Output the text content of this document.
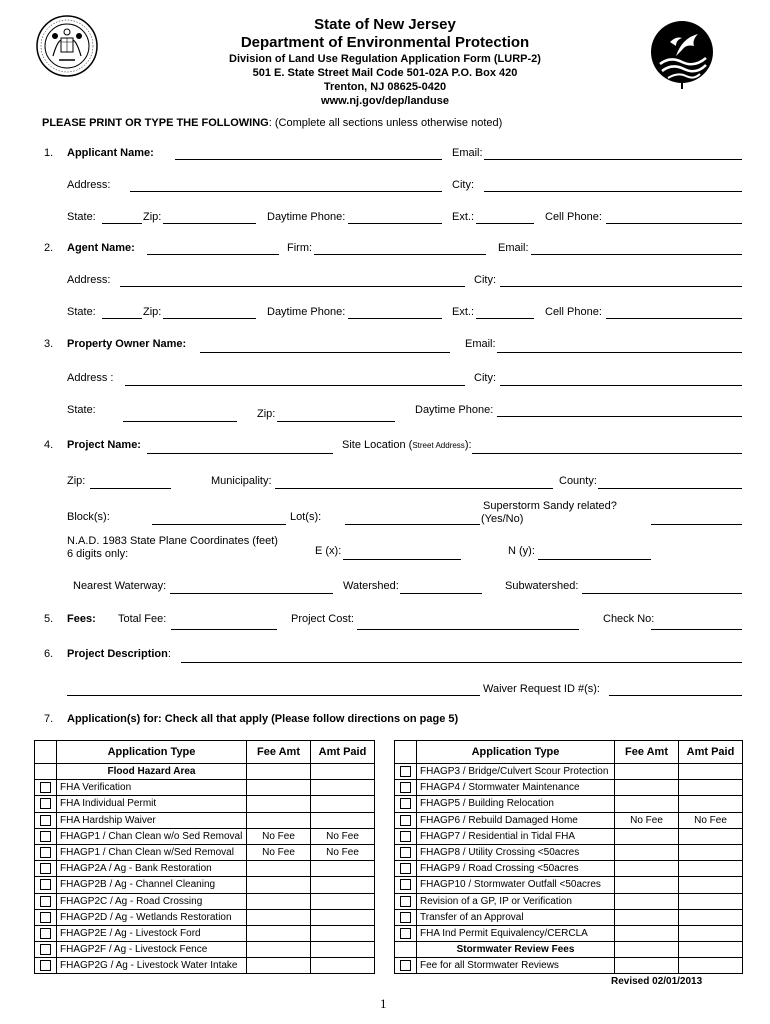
State of New Jersey
Department of Environmental Protection
Division of Land Use Regulation Application Form (LURP-2)
501 E. State Street Mail Code 501-02A P.O. Box 420
Trenton, NJ 08625-0420
www.nj.gov/dep/landuse
PLEASE PRINT OR TYPE THE FOLLOWING: (Complete all sections unless otherwise noted)
1. Applicant Name:	Email:
Address:	City:
State:	Zip:	Daytime Phone:	Ext.:	Cell Phone:
2. Agent Name:	Firm:	Email:
Address:	City:
State:	Zip:	Daytime Phone:	Ext.:	Cell Phone:
3. Property Owner Name:	Email:
Address :	City:
State:	Zip:	Daytime Phone:
4. Project Name:	Site Location (Street Address):
Zip:	Municipality:	County:
Block(s):	Lot(s):
Superstorm Sandy related?
(Yes/No)
N.A.D. 1983 State Plane Coordinates (feet)
6 digits only:	E (x):	N (y):
Nearest Waterway:	Watershed:	Subwatershed:
5. Fees: Total Fee:	Project Cost:	Check No:
6. Project Description:
Waiver Request ID #(s):
7. Application(s) for: Check all that apply (Please follow directions on page 5)
	Application Type	Fee Amt	Amt Paid
	Flood Hazard Area		
	FHA Verification		
	FHA Individual Permit		
	FHA Hardship Waiver		
	FHAGP1 / Chan Clean w/o Sed Removal	No Fee	No Fee
	FHAGP1 / Chan Clean w/Sed Removal	No Fee	No Fee
	FHAGP2A / Ag - Bank Restoration		
	FHAGP2B / Ag - Channel Cleaning		
	FHAGP2C / Ag - Road Crossing		
	FHAGP2D / Ag - Wetlands Restoration		
	FHAGP2E / Ag - Livestock Ford		
	FHAGP2F / Ag - Livestock Fence		
	FHAGP2G / Ag - Livestock Water Intake		
	Application Type	Fee Amt	Amt Paid
	FHAGP3 / Bridge/Culvert Scour Protection		
	FHAGP4 / Stormwater Maintenance		
	FHAGP5 / Building Relocation		
	FHAGP6 / Rebuild Damaged Home	No Fee	No Fee
	FHAGP7 / Residential in Tidal FHA		
	FHAGP8 / Utility Crossing <50acres		
	FHAGP9 / Road Crossing <50acres		
	FHAGP10 / Stormwater Outfall <50acres		
	Revision of a GP, IP or Verification		
	Transfer of an Approval		
	FHA Ind Permit Equivalency/CERCLA		
	Stormwater Review Fees		
	Fee for all Stormwater Reviews		
Revised 02/01/2013
1
